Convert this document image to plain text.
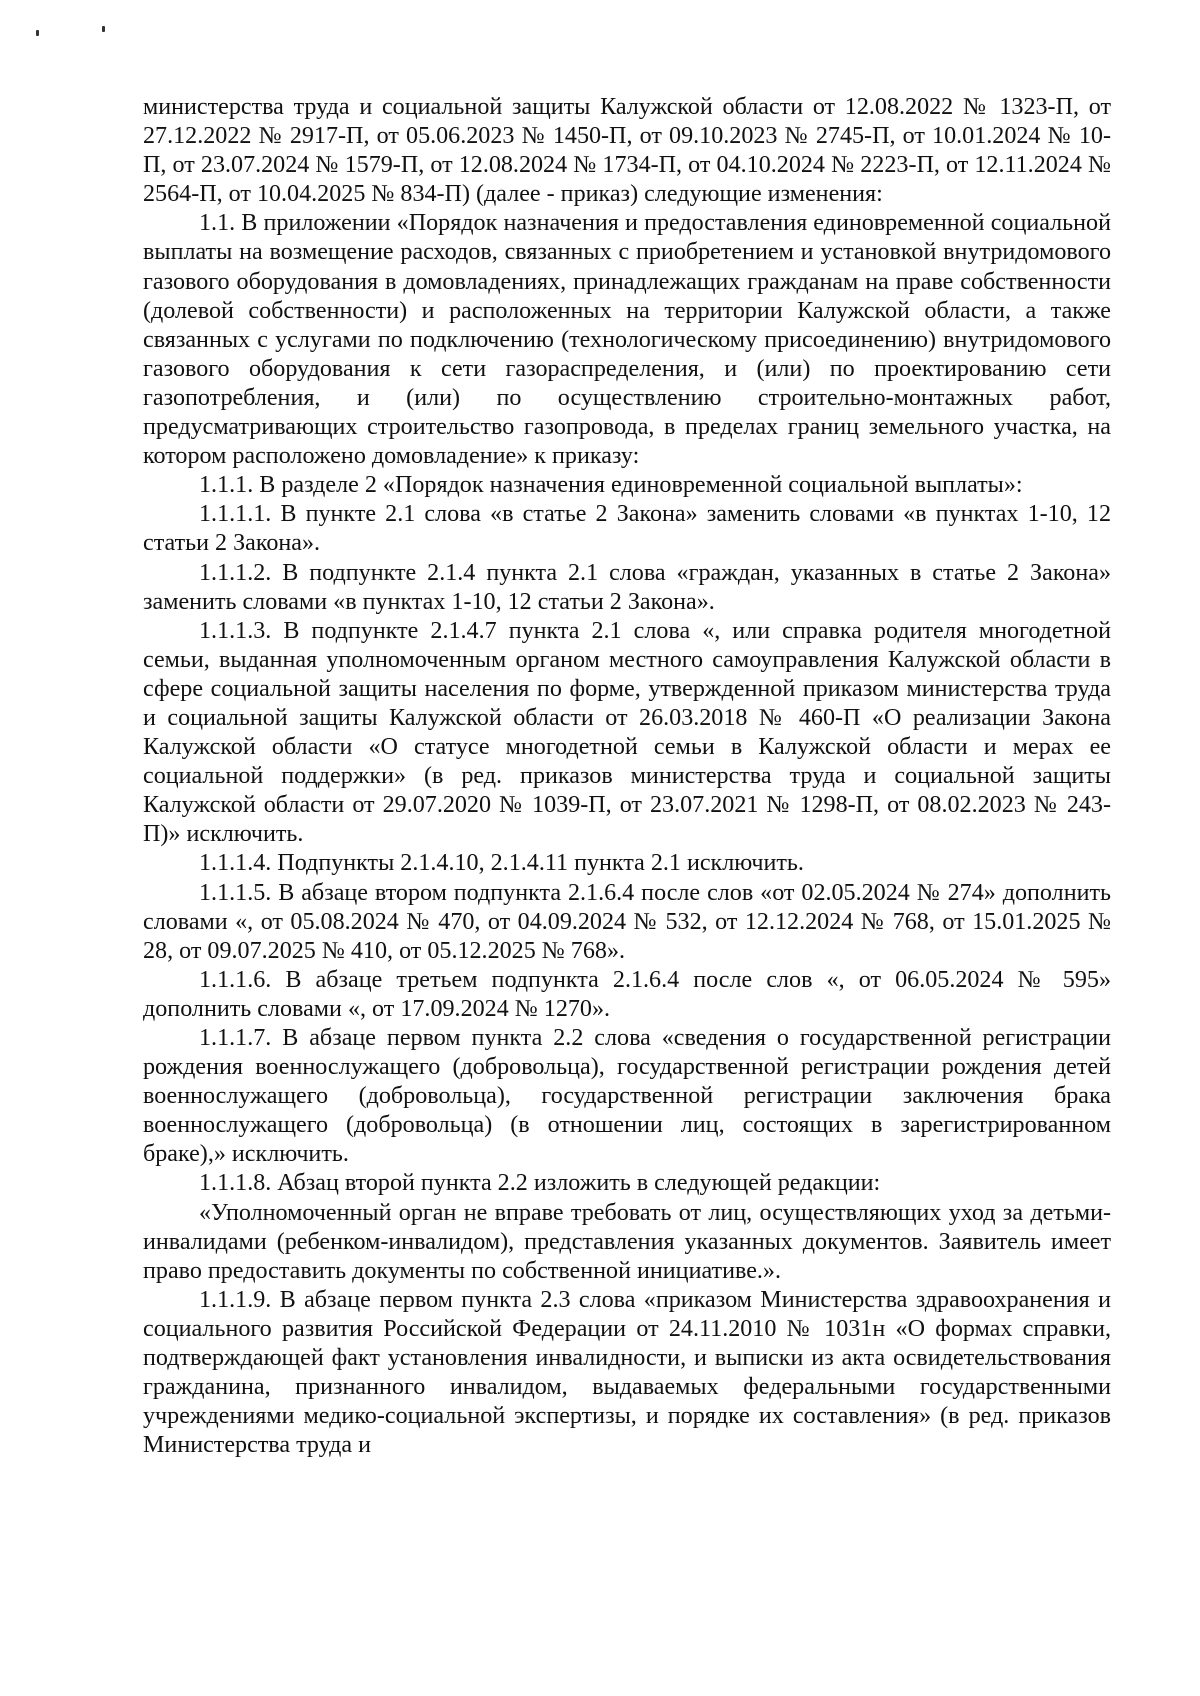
министерства труда и социальной защиты Калужской области от 12.08.2022 № 1323-П, от 27.12.2022 № 2917-П, от 05.06.2023 № 1450-П, от 09.10.2023 № 2745-П, от 10.01.2024 № 10-П, от 23.07.2024 № 1579-П, от 12.08.2024 № 1734-П, от 04.10.2024 № 2223-П, от 12.11.2024 № 2564-П, от 10.04.2025 № 834-П) (далее - приказ) следующие изменения:

1.1. В приложении «Порядок назначения и предоставления единовременной социальной выплаты на возмещение расходов, связанных с приобретением и установкой внутридомового газового оборудования в домовладениях, принадлежащих гражданам на праве собственности (долевой собственности) и расположенных на территории Калужской области, а также связанных с услугами по подключению (технологическому присоединению) внутридомового газового оборудования к сети газораспределения, и (или) по проектированию сети газопотребления, и (или) по осуществлению строительно-монтажных работ, предусматривающих строительство газопровода, в пределах границ земельного участка, на котором расположено домовладение» к приказу:

1.1.1. В разделе 2 «Порядок назначения единовременной социальной выплаты»:

1.1.1.1. В пункте 2.1 слова «в статье 2 Закона» заменить словами «в пунктах 1-10, 12 статьи 2 Закона».

1.1.1.2. В подпункте 2.1.4 пункта 2.1 слова «граждан, указанных в статье 2 Закона» заменить словами «в пунктах 1-10, 12 статьи 2 Закона».

1.1.1.3. В подпункте 2.1.4.7 пункта 2.1 слова «, или справка родителя многодетной семьи, выданная уполномоченным органом местного самоуправления Калужской области в сфере социальной защиты населения по форме, утвержденной приказом министерства труда и социальной защиты Калужской области от 26.03.2018 № 460-П «О реализации Закона Калужской области «О статусе многодетной семьи в Калужской области и мерах ее социальной поддержки» (в ред. приказов министерства труда и социальной защиты Калужской области от 29.07.2020 № 1039-П, от 23.07.2021 № 1298-П, от 08.02.2023 № 243-П)» исключить.

1.1.1.4. Подпункты 2.1.4.10, 2.1.4.11 пункта 2.1 исключить.

1.1.1.5. В абзаце втором подпункта 2.1.6.4 после слов «от 02.05.2024 № 274» дополнить словами «, от 05.08.2024 № 470, от 04.09.2024 № 532, от 12.12.2024 № 768, от 15.01.2025 № 28, от 09.07.2025 № 410, от 05.12.2025 № 768».

1.1.1.6. В абзаце третьем подпункта 2.1.6.4 после слов «, от 06.05.2024 № 595» дополнить словами «, от 17.09.2024 № 1270».

1.1.1.7. В абзаце первом пункта 2.2 слова «сведения о государственной регистрации рождения военнослужащего (добровольца), государственной регистрации рождения детей военнослужащего (добровольца), государственной регистрации заключения брака военнослужащего (добровольца) (в отношении лиц, состоящих в зарегистрированном браке),» исключить.

1.1.1.8. Абзац второй пункта 2.2 изложить в следующей редакции:

«Уполномоченный орган не вправе требовать от лиц, осуществляющих уход за детьми-инвалидами (ребенком-инвалидом), представления указанных документов. Заявитель имеет право предоставить документы по собственной инициативе.».

1.1.1.9. В абзаце первом пункта 2.3 слова «приказом Министерства здравоохранения и социального развития Российской Федерации от 24.11.2010 № 1031н «О формах справки, подтверждающей факт установления инвалидности, и выписки из акта освидетельствования гражданина, признанного инвалидом, выдаваемых федеральными государственными учреждениями медико-социальной экспертизы, и порядке их составления» (в ред. приказов Министерства труда и
